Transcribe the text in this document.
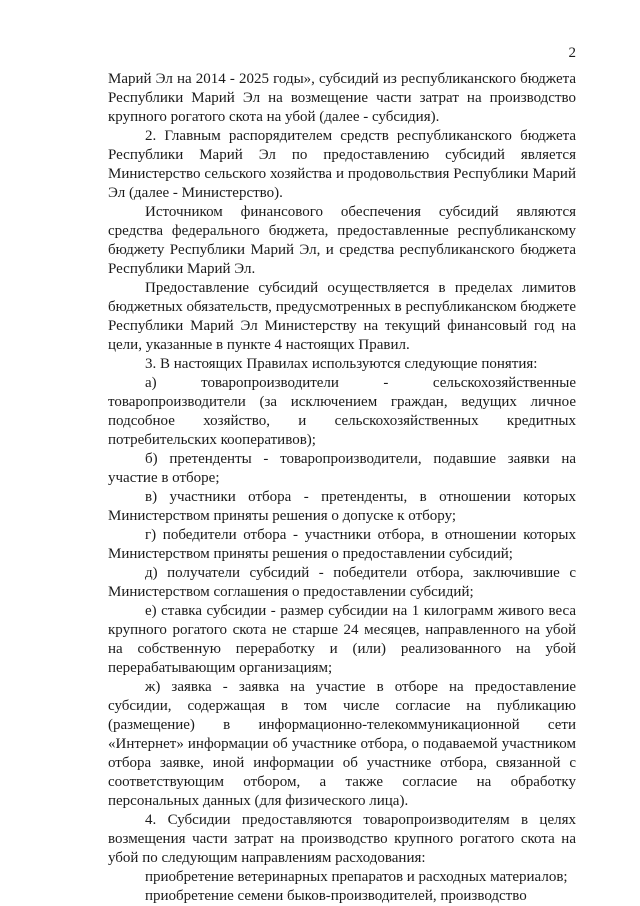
2

Марий Эл на 2014 - 2025 годы», субсидий из республиканского бюджета Республики Марий Эл на возмещение части затрат на производство крупного рогатого скота на убой (далее - субсидия).

2. Главным распорядителем средств республиканского бюджета Республики Марий Эл по предоставлению субсидий является Министерство сельского хозяйства и продовольствия Республики Марий Эл (далее - Министерство).

Источником финансового обеспечения субсидий являются средства федерального бюджета, предоставленные республиканскому бюджету Республики Марий Эл, и средства республиканского бюджета Республики Марий Эл.

Предоставление субсидий осуществляется в пределах лимитов бюджетных обязательств, предусмотренных в республиканском бюджете Республики Марий Эл Министерству на текущий финансовый год на цели, указанные в пункте 4 настоящих Правил.

3. В настоящих Правилах используются следующие понятия:

а) товаропроизводители - сельскохозяйственные товаропроизводители (за исключением граждан, ведущих личное подсобное хозяйство, и сельскохозяйственных кредитных потребительских кооперативов);

б) претенденты - товаропроизводители, подавшие заявки на участие в отборе;

в) участники отбора - претенденты, в отношении которых Министерством приняты решения о допуске к отбору;

г) победители отбора - участники отбора, в отношении которых Министерством приняты решения о предоставлении субсидий;

д) получатели субсидий - победители отбора, заключившие с Министерством соглашения о предоставлении субсидий;

е) ставка субсидии - размер субсидии на 1 килограмм живого веса крупного рогатого скота не старше 24 месяцев, направленного на убой на собственную переработку и (или) реализованного на убой перерабатывающим организациям;

ж) заявка - заявка на участие в отборе на предоставление субсидии, содержащая в том числе согласие на публикацию (размещение) в информационно-телекоммуникационной сети «Интернет» информации об участнике отбора, о подаваемой участником отбора заявке, иной информации об участнике отбора, связанной с соответствующим отбором, а также согласие на обработку персональных данных (для физического лица).

4. Субсидии предоставляются товаропроизводителям в целях возмещения части затрат на производство крупного рогатого скота на убой по следующим направлениям расходования:

приобретение ветеринарных препаратов и расходных материалов;

приобретение семени быков-производителей, производство
